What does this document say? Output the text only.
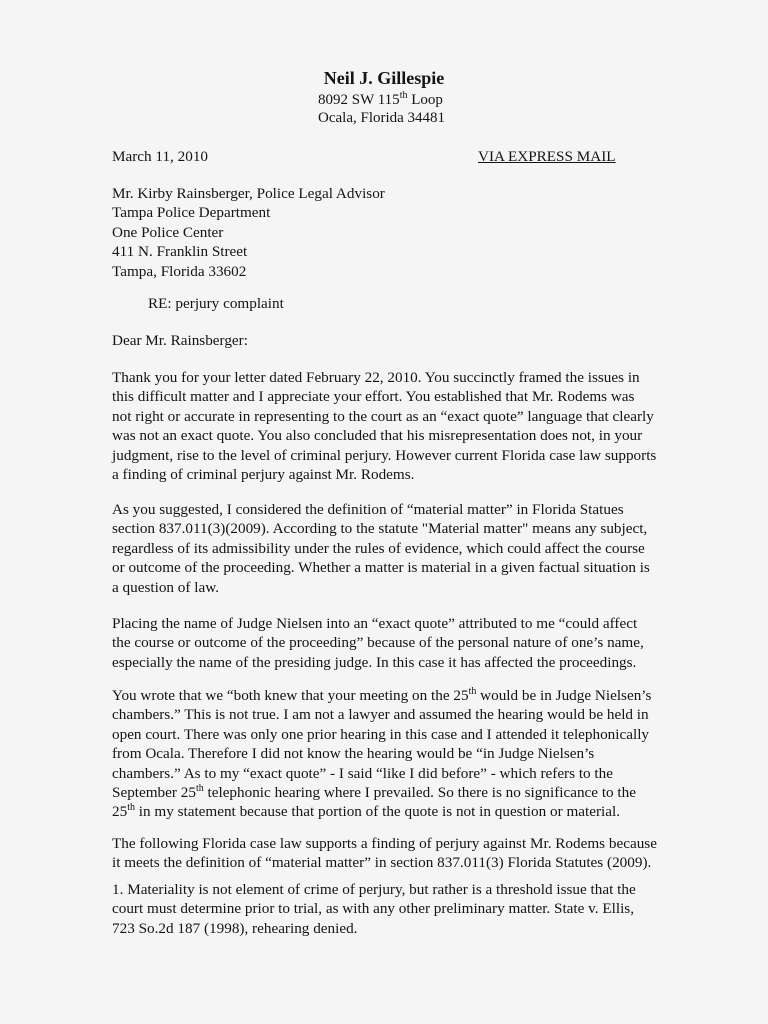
Neil J. Gillespie
8092 SW 115th Loop
Ocala, Florida 34481
March 11, 2010	VIA EXPRESS MAIL
Mr. Kirby Rainsberger, Police Legal Advisor
Tampa Police Department
One Police Center
411 N. Franklin Street
Tampa, Florida 33602
RE: perjury complaint
Dear Mr. Rainsberger:
Thank you for your letter dated February 22, 2010. You succinctly framed the issues in
this difficult matter and I appreciate your effort. You established that Mr. Rodems was
not right or accurate in representing to the court as an “exact quote” language that clearly
was not an exact quote. You also concluded that his misrepresentation does not, in your
judgment, rise to the level of criminal perjury. However current Florida case law supports
a finding of criminal perjury against Mr. Rodems.
As you suggested, I considered the definition of “material matter” in Florida Statues
section 837.011(3)(2009). According to the statute "Material matter" means any subject,
regardless of its admissibility under the rules of evidence, which could affect the course
or outcome of the proceeding. Whether a matter is material in a given factual situation is
a question of law.
Placing the name of Judge Nielsen into an “exact quote” attributed to me “could affect
the course or outcome of the proceeding” because of the personal nature of one’s name,
especially the name of the presiding judge. In this case it has affected the proceedings.
You wrote that we “both knew that your meeting on the 25th would be in Judge Nielsen’s
chambers.” This is not true. I am not a lawyer and assumed the hearing would be held in
open court. There was only one prior hearing in this case and I attended it telephonically
from Ocala. Therefore I did not know the hearing would be “in Judge Nielsen’s
chambers.” As to my “exact quote” - I said “like I did before” - which refers to the
September 25th telephonic hearing where I prevailed. So there is no significance to the
25th in my statement because that portion of the quote is not in question or material.
The following Florida case law supports a finding of perjury against Mr. Rodems because
it meets the definition of “material matter” in section 837.011(3) Florida Statutes (2009).
1. Materiality is not element of crime of perjury, but rather is a threshold issue that the
court must determine prior to trial, as with any other preliminary matter. State v. Ellis,
723 So.2d 187 (1998), rehearing denied.
